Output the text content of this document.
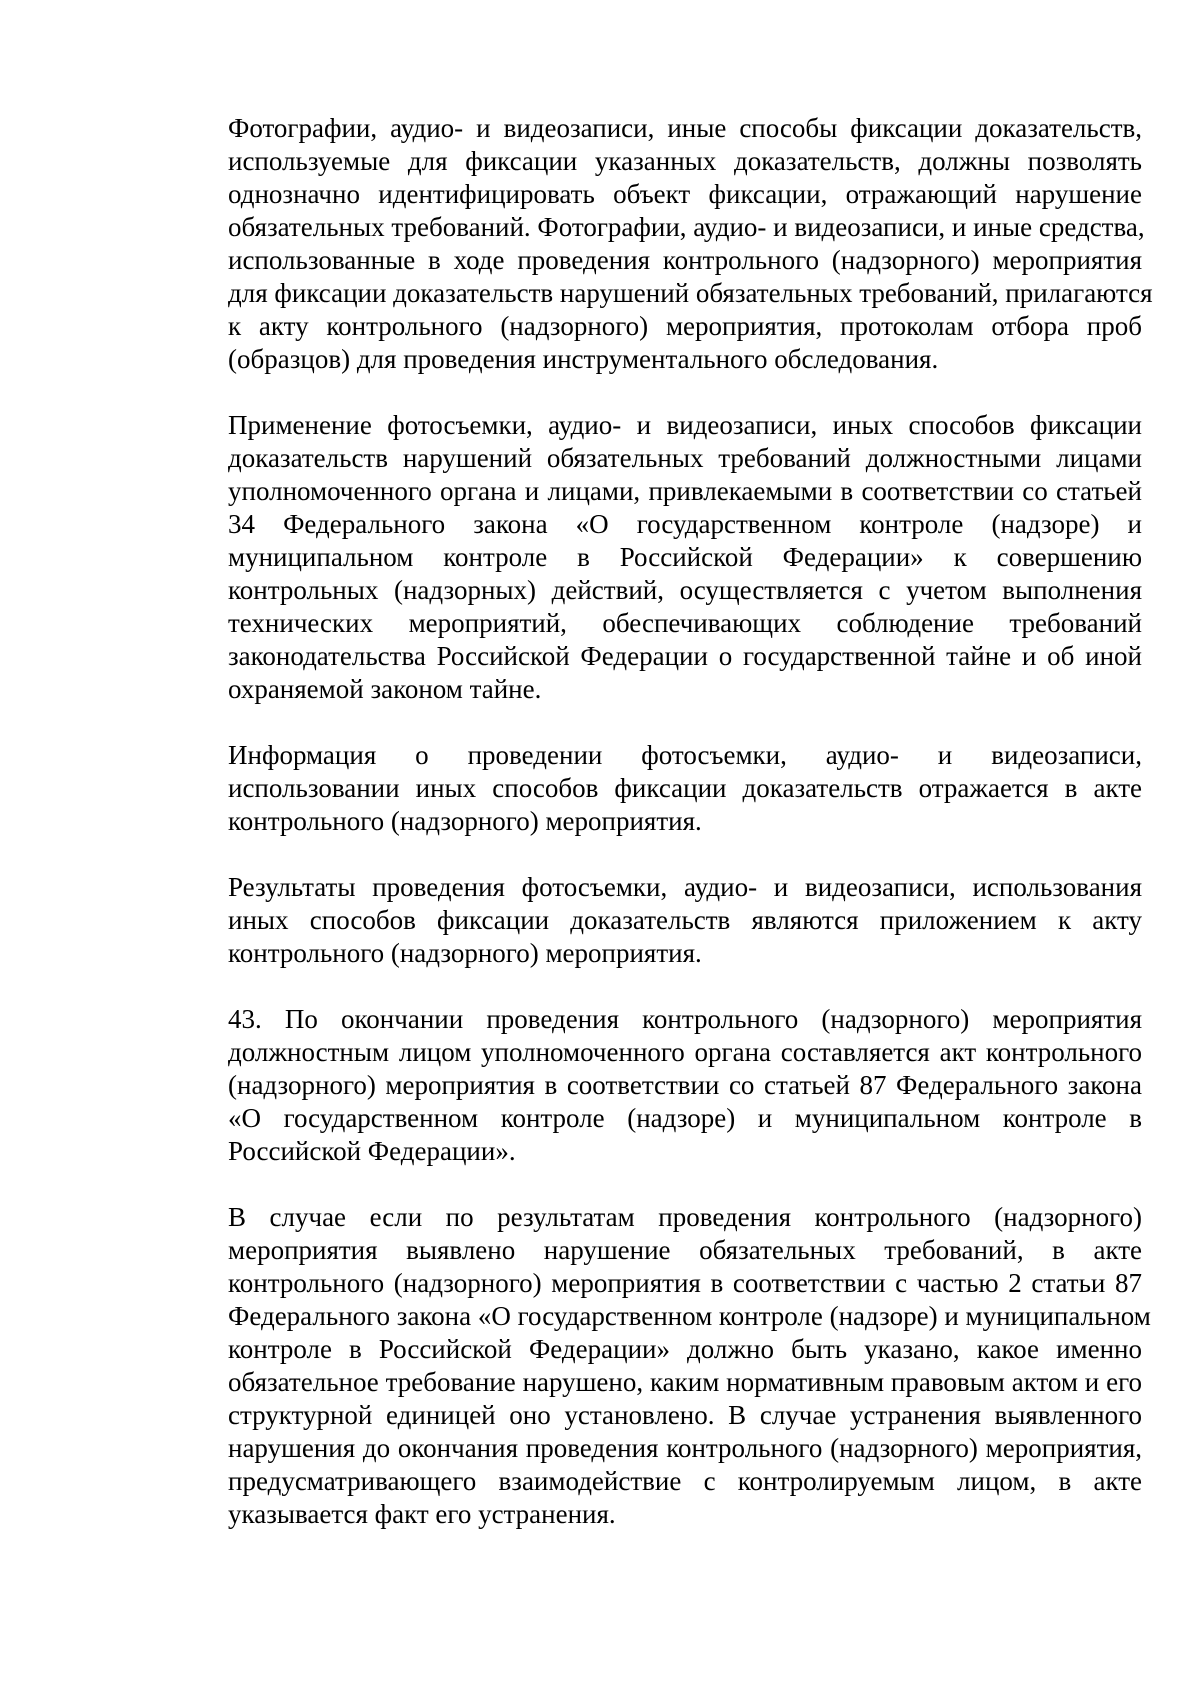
Фотографии, аудио- и видеозаписи, иные способы фиксации доказательств,
используемые для фиксации указанных доказательств, должны позволять
однозначно идентифицировать объект фиксации, отражающий нарушение
обязательных требований. Фотографии, аудио- и видеозаписи, и иные средства,
использованные в ходе проведения контрольного (надзорного) мероприятия
для фиксации доказательств нарушений обязательных требований, прилагаются
к акту контрольного (надзорного) мероприятия, протоколам отбора проб
(образцов) для проведения инструментального обследования.

Применение фотосъемки, аудио- и видеозаписи, иных способов фиксации
доказательств нарушений обязательных требований должностными лицами
уполномоченного органа и лицами, привлекаемыми в соответствии со статьей
34 Федерального закона «О государственном контроле (надзоре) и
муниципальном контроле в Российской Федерации» к совершению
контрольных (надзорных) действий, осуществляется с учетом выполнения
технических мероприятий, обеспечивающих соблюдение требований
законодательства Российской Федерации о государственной тайне и об иной
охраняемой законом тайне.

Информация о проведении фотосъемки, аудио- и видеозаписи,
использовании иных способов фиксации доказательств отражается в акте
контрольного (надзорного) мероприятия.

Результаты проведения фотосъемки, аудио- и видеозаписи, использования
иных способов фиксации доказательств являются приложением к акту
контрольного (надзорного) мероприятия.

43. По окончании проведения контрольного (надзорного) мероприятия
должностным лицом уполномоченного органа составляется акт контрольного
(надзорного) мероприятия в соответствии со статьей 87 Федерального закона
«О государственном контроле (надзоре) и муниципальном контроле в
Российской Федерации».

В случае если по результатам проведения контрольного (надзорного)
мероприятия выявлено нарушение обязательных требований, в акте
контрольного (надзорного) мероприятия в соответствии с частью 2 статьи 87
Федерального закона «О государственном контроле (надзоре) и муниципальном
контроле в Российской Федерации» должно быть указано, какое именно
обязательное требование нарушено, каким нормативным правовым актом и его
структурной единицей оно установлено. В случае устранения выявленного
нарушения до окончания проведения контрольного (надзорного) мероприятия,
предусматривающего взаимодействие с контролируемым лицом, в акте
указывается факт его устранения.
